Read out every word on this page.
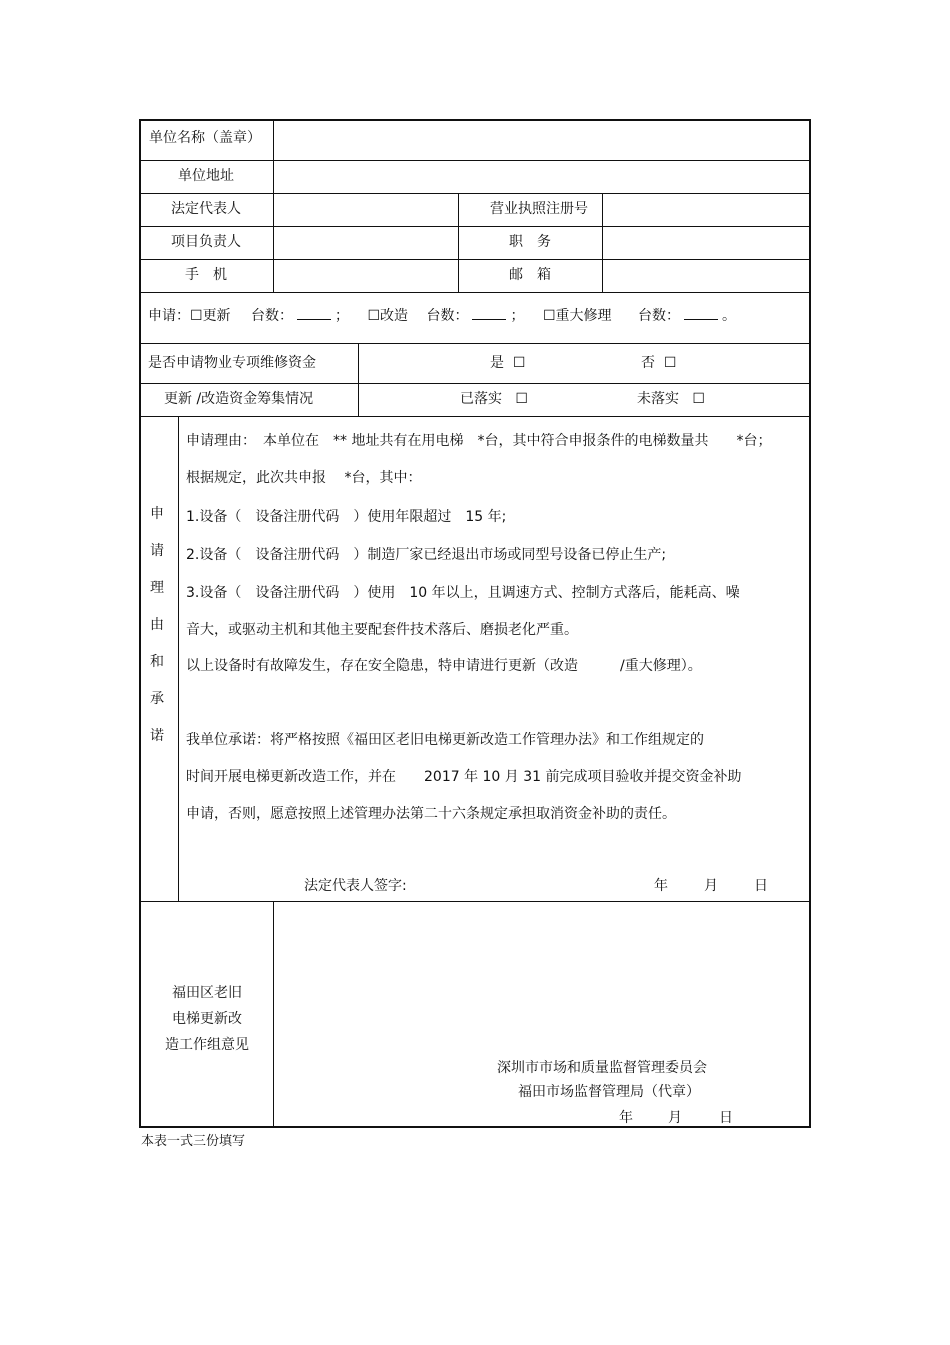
单位名称（盖章）
单位地址
法定代表人	营业执照注册号
项目负责人	职　务
手　机	邮　箱
申请：☐更新 台数：	； ☐改造 台数：	； ☐重大修理 台数：	。
是否申请物业专项维修资金	是 ☐	否 ☐
更新 /改造资金筹集情况	已落实 ☐	未落实 ☐
申
请
理
由
和
承
诺
申请理由：　本单位在　** 地址共有在用电梯　*台，其中符合申报条件的电梯数量共　　*台；
根据规定，此次共申报　 *台，其中：
1.设备（　设备注册代码　）使用年限超过　15 年;
2.设备（　设备注册代码　）制造厂家已经退出市场或同型号设备已停止生产;
3.设备（　设备注册代码　）使用　10 年以上，且调速方式、控制方式落后，能耗高、噪
音大，或驱动主机和其他主要配套件技术落后、磨损老化严重。
以上设备时有故障发生，存在安全隐患，特申请进行更新（改造　　　/重大修理）。
我单位承诺：将严格按照《福田区老旧电梯更新改造工作管理办法》和工作组规定的
时间开展电梯更新改造工作，并在　　2017 年 10 月 31 前完成项目验收并提交资金补助
申请，否则，愿意按照上述管理办法第二十六条规定承担取消资金补助的责任。
法定代表人签字:	年	月	日
福田区老旧
电梯更新改
造工作组意见
深圳市市场和质量监督管理委员会
福田市场监督管理局（代章）
年	月	日
本表一式三份填写
